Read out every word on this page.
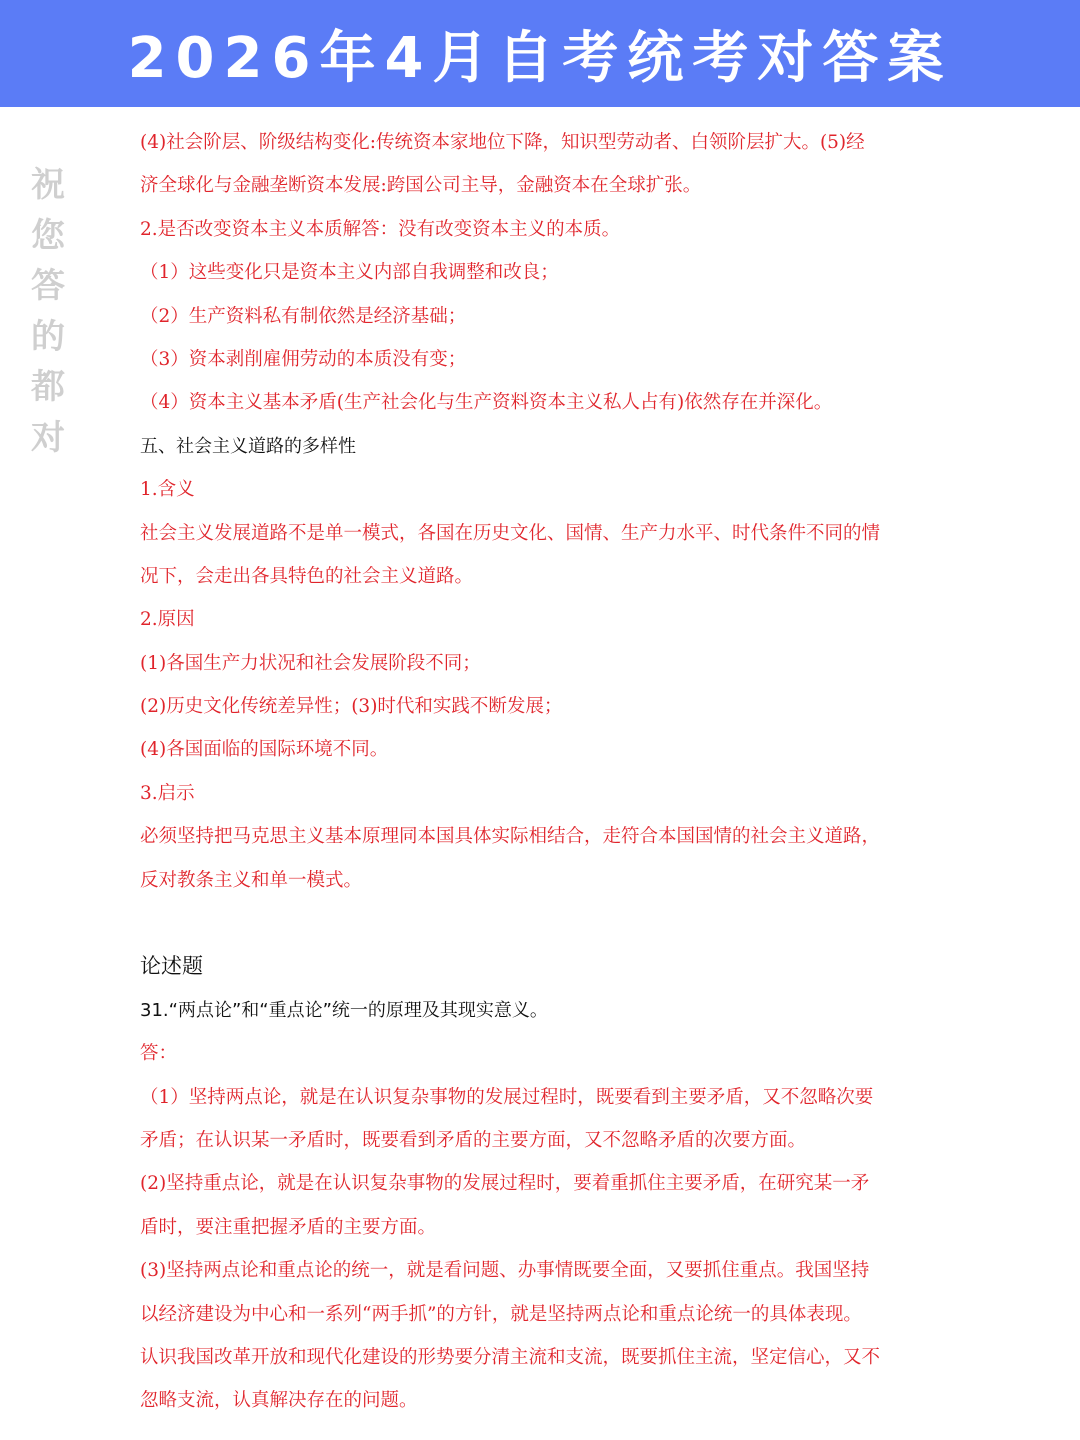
2026年4月自考统考对答案
祝
您
答
的
都
对
(4)社会阶层、阶级结构变化:传统资本家地位下降，知识型劳动者、白领阶层扩大。(5)经
济全球化与金融垄断资本发展:跨国公司主导，金融资本在全球扩张。
2.是否改变资本主义本质解答：没有改变资本主义的本质。
（1）这些变化只是资本主义内部自我调整和改良；
（2）生产资料私有制依然是经济基础；
（3）资本剥削雇佣劳动的本质没有变；
（4）资本主义基本矛盾(生产社会化与生产资料资本主义私人占有)依然存在并深化。
五、社会主义道路的多样性
1.含义
社会主义发展道路不是单一模式，各国在历史文化、国情、生产力水平、时代条件不同的情
况下，会走出各具特色的社会主义道路。
2.原因
(1)各国生产力状况和社会发展阶段不同；
(2)历史文化传统差异性；(3)时代和实践不断发展；
(4)各国面临的国际环境不同。
3.启示
必须坚持把马克思主义基本原理同本国具体实际相结合，走符合本国国情的社会主义道路，
反对教条主义和单一模式。
论述题
31.“两点论”和“重点论”统一的原理及其现实意义。
答：
（1）坚持两点论，就是在认识复杂事物的发展过程时，既要看到主要矛盾，又不忽略次要
矛盾；在认识某一矛盾时，既要看到矛盾的主要方面，又不忽略矛盾的次要方面。
(2)坚持重点论，就是在认识复杂事物的发展过程时，要着重抓住主要矛盾，在研究某一矛
盾时，要注重把握矛盾的主要方面。
(3)坚持两点论和重点论的统一，就是看问题、办事情既要全面，又要抓住重点。我国坚持
以经济建设为中心和一系列“两手抓”的方针，就是坚持两点论和重点论统一的具体表现。
认识我国改革开放和现代化建设的形势要分清主流和支流，既要抓住主流，坚定信心，又不
忽略支流，认真解决存在的问题。
